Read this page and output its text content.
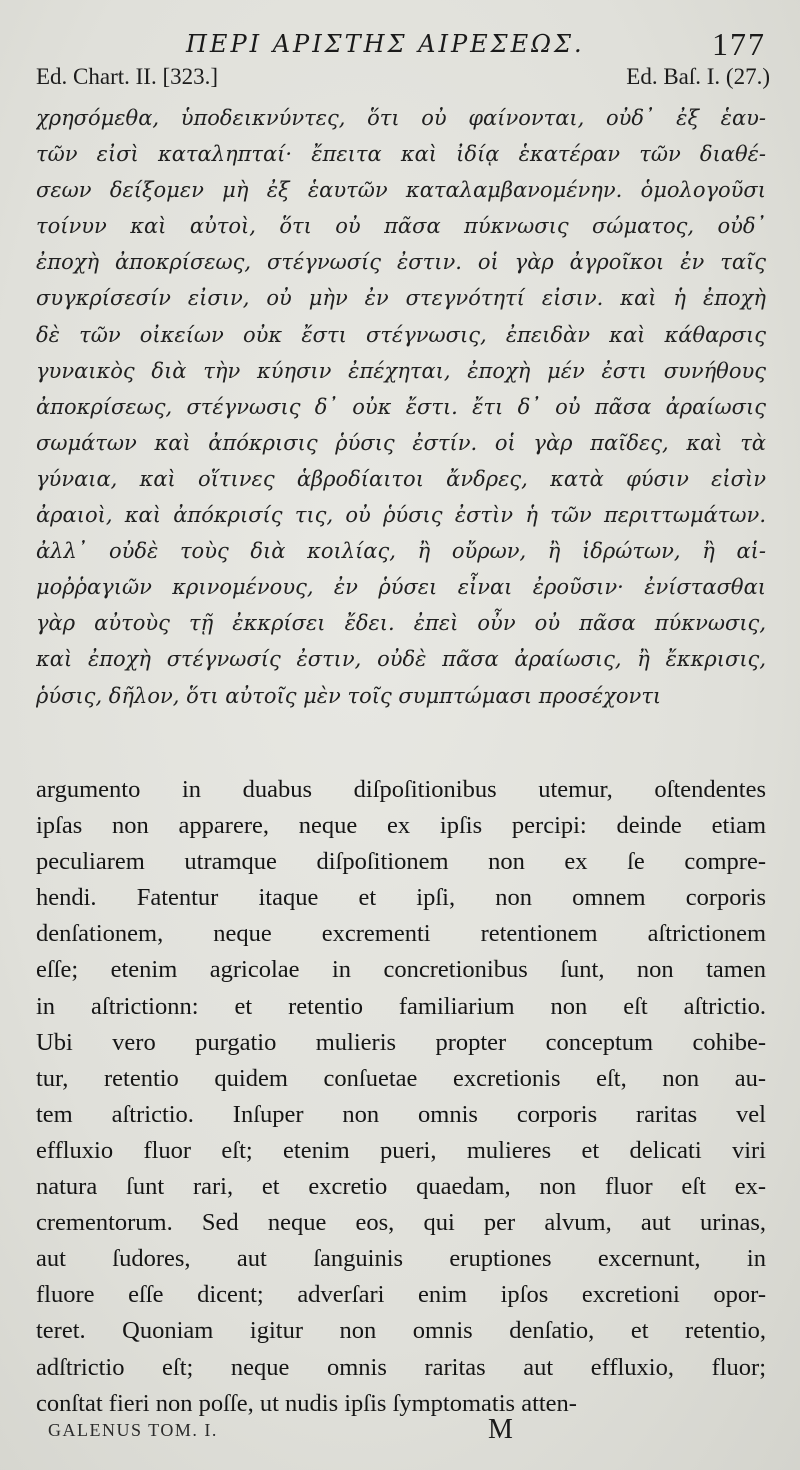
ΠΕΡΙ ΑΡΙΣΤΗΣ ΑΙΡΕΣΕΩΣ.	177
Ed. Chart. II. [323.]	Ed. Baſ. I. (27.)
χρησόμεθα, ὑποδεικνύντες, ὅτι οὐ φαίνονται, οὐδ᾽ ἐξ ἑαυ-
τῶν εἰσὶ καταληπταί· ἔπειτα καὶ ἰδίᾳ ἑκατέραν τῶν διαθέ-
σεων δείξομεν μὴ ἐξ ἑαυτῶν καταλαμβανομένην. ὁμολογοῦσι
τοίνυν καὶ αὐτοὶ, ὅτι οὐ πᾶσα πύκνωσις σώματος, οὐδ᾽
ἐποχὴ ἀποκρίσεως, στέγνωσίς ἐστιν. οἱ γὰρ ἀγροῖκοι ἐν ταῖς
συγκρίσεσίν εἰσιν, οὐ μὴν ἐν στεγνότητί εἰσιν. καὶ ἡ ἐποχὴ
δὲ τῶν οἰκείων οὐκ ἔστι στέγνωσις, ἐπειδὰν καὶ κάθαρσις
γυναικὸς διὰ τὴν κύησιν ἐπέχηται, ἐποχὴ μέν ἐστι συνήθους
ἀποκρίσεως, στέγνωσις δ᾽ οὐκ ἔστι. ἔτι δ᾽ οὐ πᾶσα ἀραίωσις
σωμάτων καὶ ἀπόκρισις ῥύσις ἐστίν. οἱ γὰρ παῖδες, καὶ τὰ
γύναια, καὶ οἵτινες ἁβροδίαιτοι ἄνδρες, κατὰ φύσιν εἰσὶν
ἀραιοὶ, καὶ ἀπόκρισίς τις, οὐ ῥύσις ἐστὶν ἡ τῶν περιττωμάτων.
ἀλλ᾽ οὐδὲ τοὺς διὰ κοιλίας, ἢ οὔρων, ἢ ἱδρώτων, ἢ αἱ-
μοῤῥαγιῶν κρινομένους, ἐν ῥύσει εἶναι ἐροῦσιν· ἐνίστασθαι
γὰρ αὐτοὺς τῇ ἐκκρίσει ἔδει. ἐπεὶ οὖν οὐ πᾶσα πύκνωσις,
καὶ ἐποχὴ στέγνωσίς ἐστιν, οὐδὲ πᾶσα ἀραίωσις, ἢ ἔκκρισις,
ῥύσις, δῆλον, ὅτι αὐτοῖς μὲν τοῖς συμπτώμασι προσέχοντι
argumento in duabus diſpoſitionibus utemur, oſtendentes
ipſas non apparere, neque ex ipſis percipi: deinde etiam
peculiarem utramque diſpoſitionem non ex ſe compre-
hendi. Fatentur itaque et ipſi, non omnem corporis
denſationem, neque excrementi retentionem aſtrictionem
eſſe; etenim agricolae in concretionibus ſunt, non tamen
in aſtrictionn: et retentio familiarium non eſt aſtrictio.
Ubi vero purgatio mulieris propter conceptum cohibe-
tur, retentio quidem conſuetae excretionis eſt, non au-
tem aſtrictio. Inſuper non omnis corporis raritas vel
effluxio fluor eſt; etenim pueri, mulieres et delicati viri
natura ſunt rari, et excretio quaedam, non fluor eſt ex-
crementorum. Sed neque eos, qui per alvum, aut urinas,
aut ſudores, aut ſanguinis eruptiones excernunt, in
fluore eſſe dicent; adverſari enim ipſos excretioni opor-
teret. Quoniam igitur non omnis denſatio, et retentio,
adſtrictio eſt; neque omnis raritas aut effluxio, fluor;
conſtat fieri non poſſe, ut nudis ipſis ſymptomatis atten-
GALENUS TOM. I.	M
